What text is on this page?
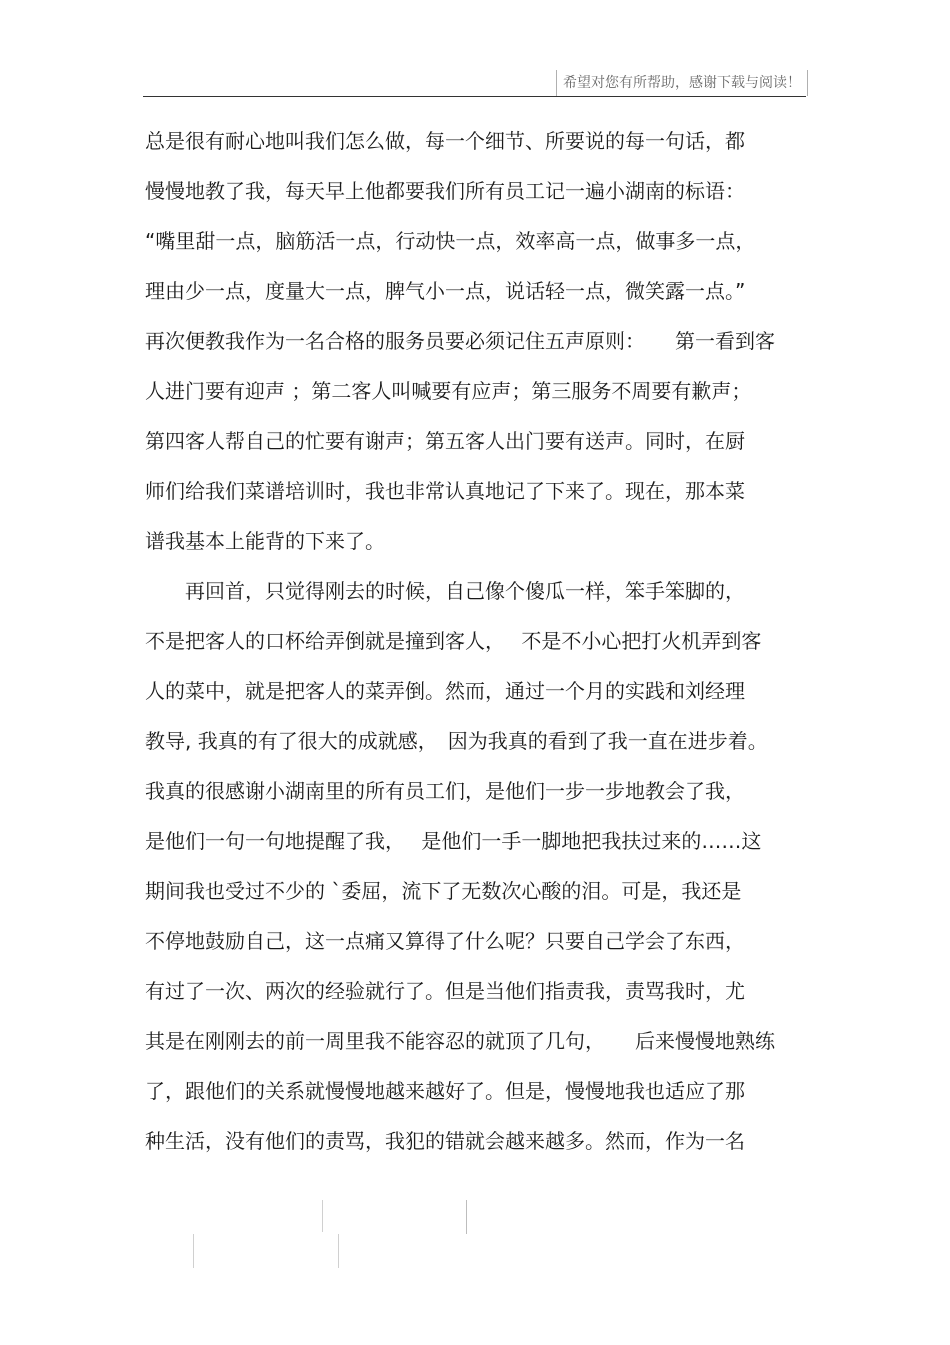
希望对您有所帮助，感谢下载与阅读！
总是很有耐心地叫我们怎么做，每一个细节、所要说的每一句话，都
慢慢地教了我，每天早上他都要我们所有员工记一遍小湖南的标语：
“嘴里甜一点，脑筋活一点，行动快一点，效率高一点，做事多一点，
理由少一点，度量大一点，脾气小一点，说话轻一点，微笑露一点。”
再次便教我作为一名合格的服务员要必须记住五声原则：　　第一看到客
人进门要有迎声 ；第二客人叫喊要有应声；第三服务不周要有歉声；
第四客人帮自己的忙要有谢声；第五客人出门要有送声。同时，在厨
师们给我们菜谱培训时，我也非常认真地记了下来了。现在，那本菜
谱我基本上能背的下来了。
　　再回首，只觉得刚去的时候，自己像个傻瓜一样，笨手笨脚的，
不是把客人的口杯给弄倒就是撞到客人，　 不是不小心把打火机弄到客
人的菜中，就是把客人的菜弄倒。然而，通过一个月的实践和刘经理
教导, 我真的有了很大的成就感，　因为我真的看到了我一直在进步着。
我真的很感谢小湖南里的所有员工们，是他们一步一步地教会了我，
是他们一句一句地提醒了我，　 是他们一手一脚地把我扶过来的……这
期间我也受过不少的 `委屈，流下了无数次心酸的泪。可是，我还是
不停地鼓励自己，这一点痛又算得了什么呢？只要自己学会了东西，
有过了一次、两次的经验就行了。但是当他们指责我，责骂我时，尤
其是在刚刚去的前一周里我不能容忍的就顶了几句，　　后来慢慢地熟练
了，跟他们的关系就慢慢地越来越好了。但是，慢慢地我也适应了那
种生活，没有他们的责骂，我犯的错就会越来越多。然而，作为一名
